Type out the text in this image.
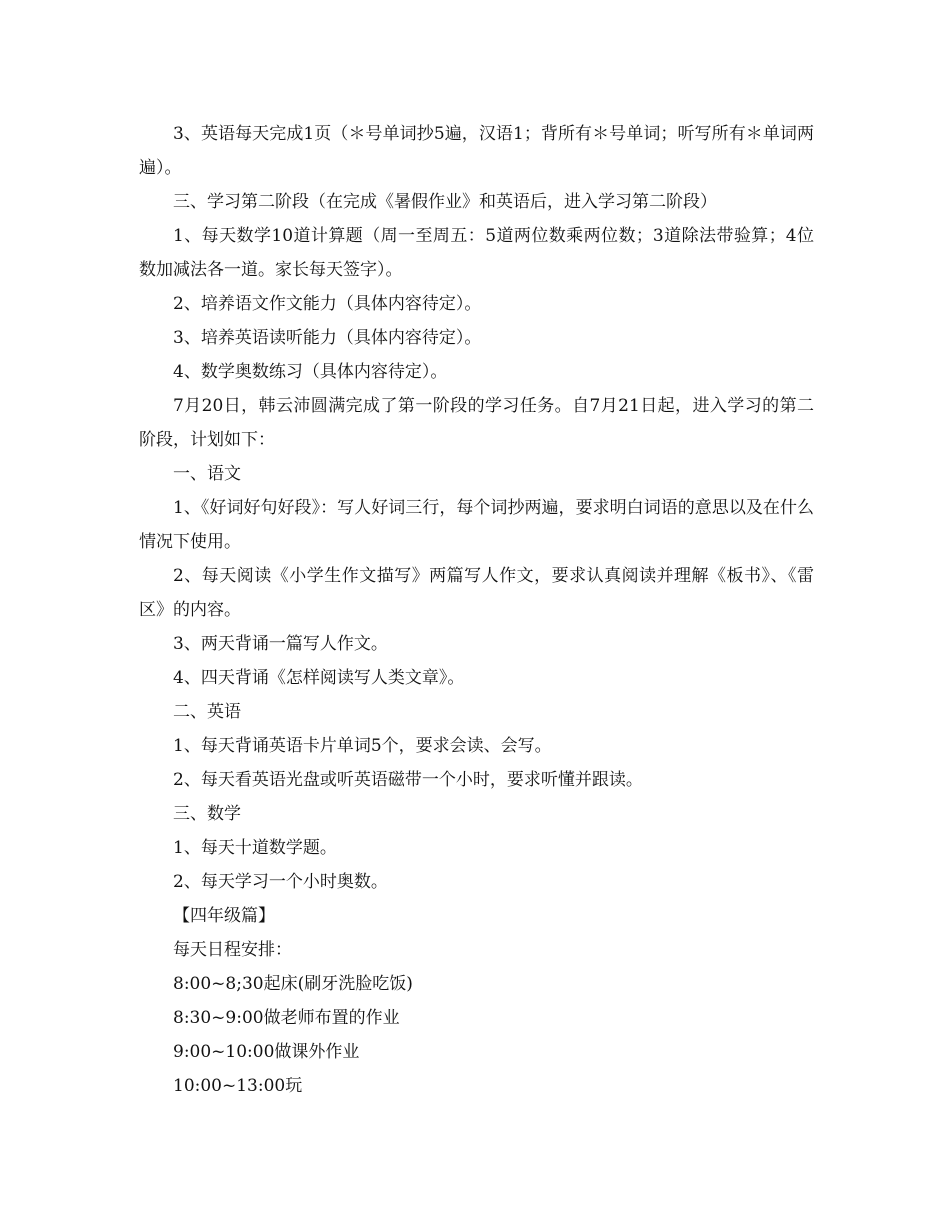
3、英语每天完成1页（＊号单词抄5遍，汉语1；背所有＊号单词；听写所有＊单词两遍）。

三、学习第二阶段（在完成《暑假作业》和英语后，进入学习第二阶段）

1、每天数学10道计算题（周一至周五：5道两位数乘两位数；3道除法带验算；4位数加减法各一道。家长每天签字）。

2、培养语文作文能力（具体内容待定）。

3、培养英语读听能力（具体内容待定）。

4、数学奥数练习（具体内容待定）。

7月20日，韩云沛圆满完成了第一阶段的学习任务。自7月21日起，进入学习的第二阶段，计划如下：

一、语文

1、《好词好句好段》：写人好词三行，每个词抄两遍，要求明白词语的意思以及在什么情况下使用。

2、每天阅读《小学生作文描写》两篇写人作文，要求认真阅读并理解《板书》、《雷区》的内容。

3、两天背诵一篇写人作文。

4、四天背诵《怎样阅读写人类文章》。

二、英语

1、每天背诵英语卡片单词5个，要求会读、会写。

2、每天看英语光盘或听英语磁带一个小时，要求听懂并跟读。

三、数学

1、每天十道数学题。

2、每天学习一个小时奥数。

【四年级篇】

每天日程安排：

8:00~8;30起床(刷牙洗脸吃饭)

8:30~9:00做老师布置的作业

9:00~10:00做课外作业

10:00~13:00玩
